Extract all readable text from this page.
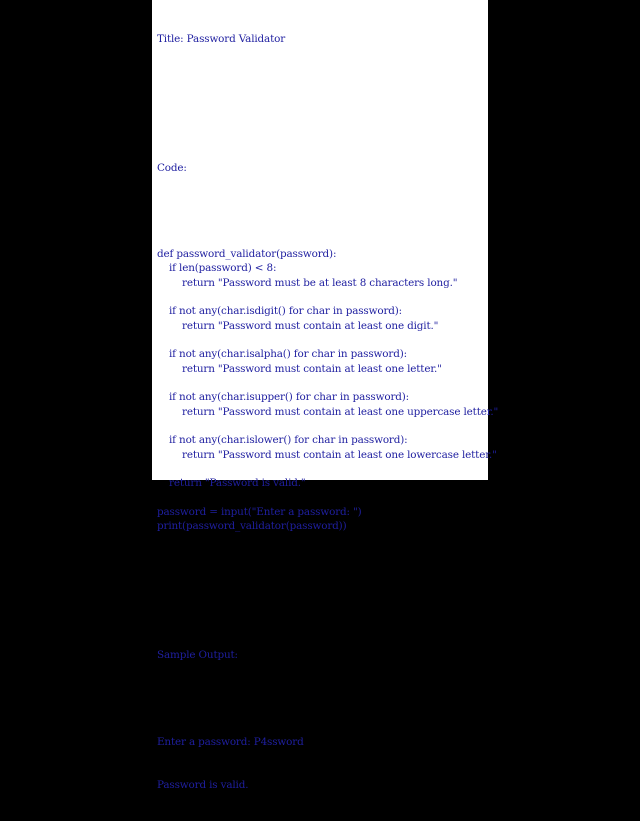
Title: Password Validator

Code:

def password_validator(password):
if len(password) < 8:
return "Password must be at least 8 characters long."
if not any(char.isdigit() for char in password):
return "Password must contain at least one digit."
if not any(char.isalpha() for char in password):
return "Password must contain at least one letter."
if not any(char.isupper() for char in password):
return "Password must contain at least one uppercase letter."
if not any(char.islower() for char in password):
return "Password must contain at least one lowercase letter."
return "Password is valid."
password = input("Enter a password: ")
print(password_validator(password))

Sample Output:

Enter a password: P4ssword

Password is valid.
